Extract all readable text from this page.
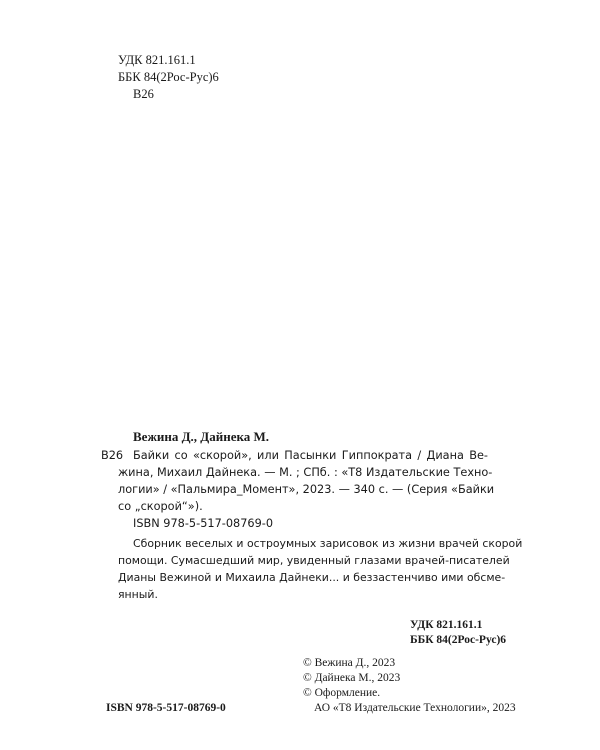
УДК 821.161.1
ББК 84(2Рос-Рус)6
В26
Вежина Д., Дайнека М.
В26 Байки со «скорой», или Пасынки Гиппократа / Диана Ве-
жина, Михаил Дайнека. — М. ; СПб. : «Т8 Издательские Техно-
логии» / «Пальмира_Момент», 2023. — 340 с. — (Серия «Байки
со „скорой“»).
ISBN 978-5-517-08769-0
Сборник веселых и остроумных зарисовок из жизни врачей скорой
помощи. Сумасшедший мир, увиденный глазами врачей-писателей
Дианы Вежиной и Михаила Дайнеки... и беззастенчиво ими обсме-
янный.
УДК 821.161.1
ББК 84(2Рос-Рус)6
© Вежина Д., 2023
© Дайнека М., 2023
© Оформление.
АО «Т8 Издательские Технологии», 2023
ISBN 978-5-517-08769-0
